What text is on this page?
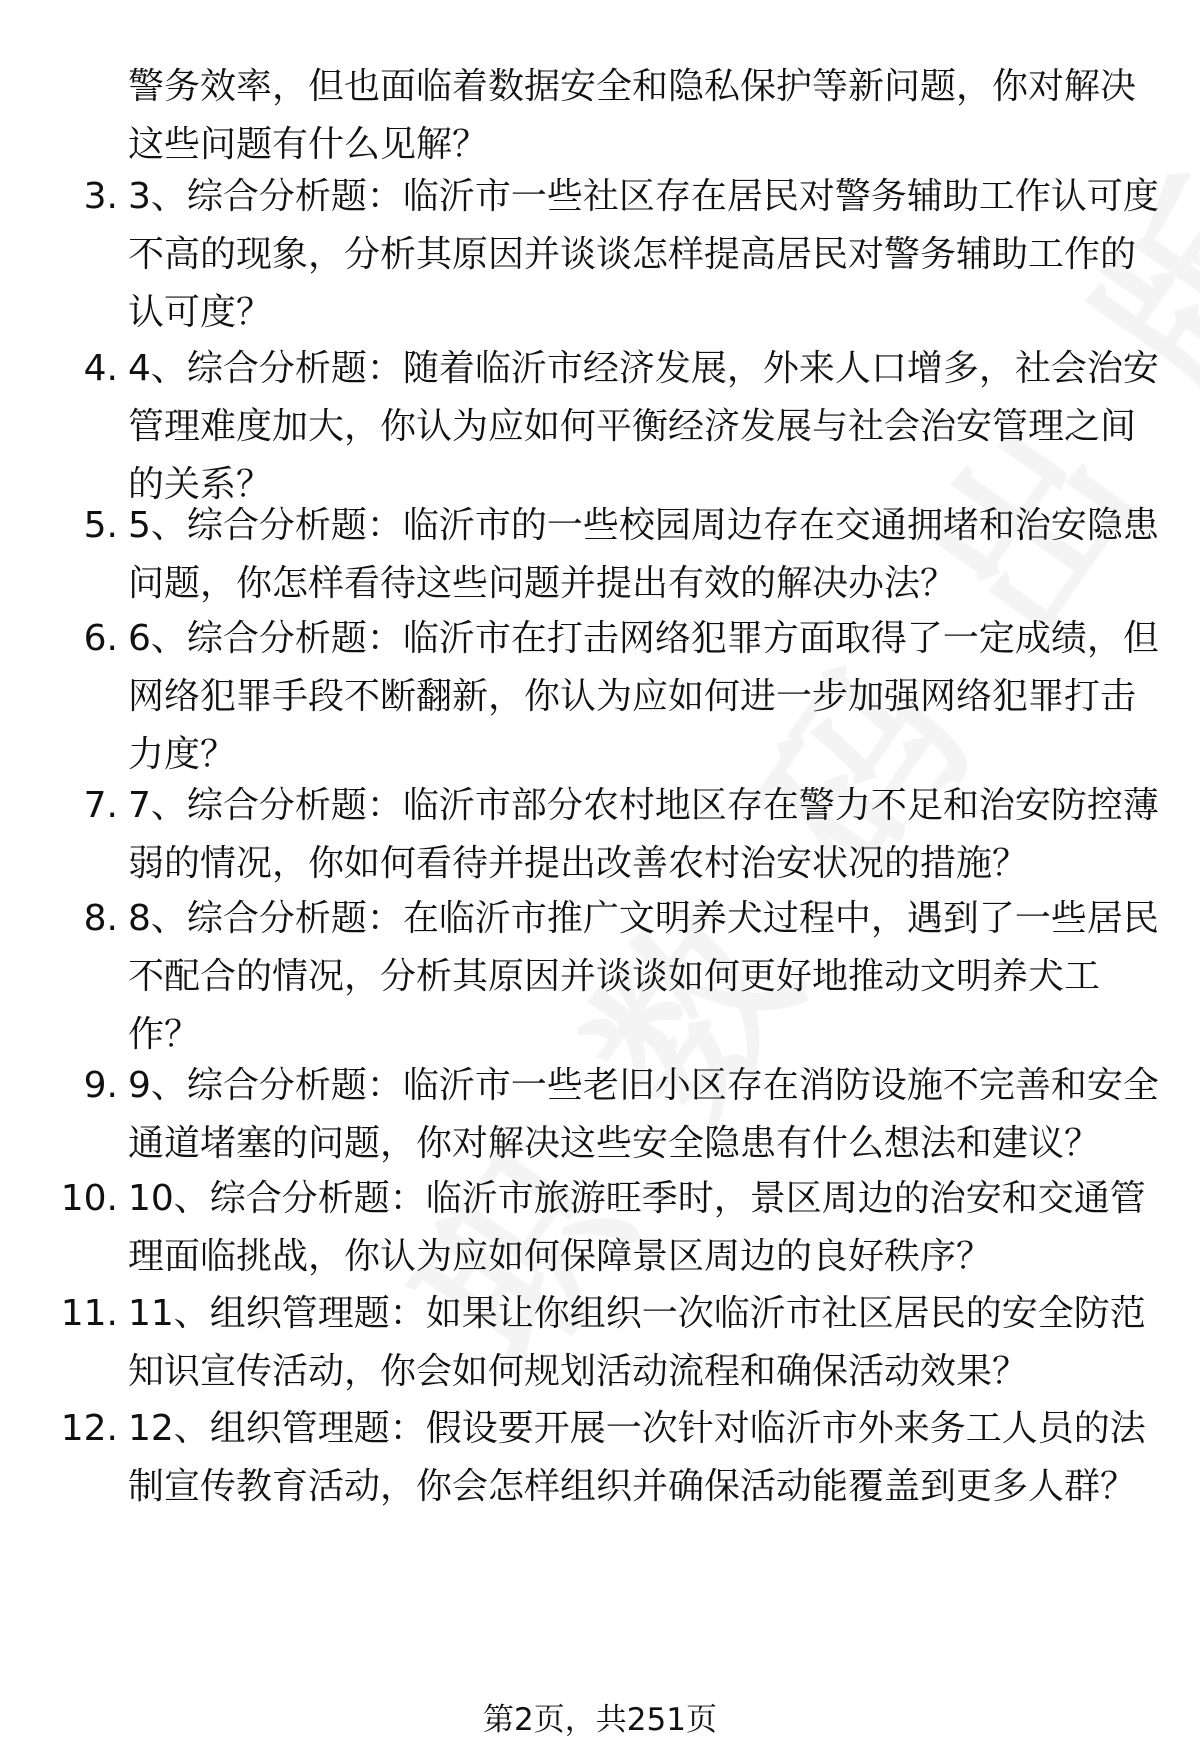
警务效率，但也面临着数据安全和隐私保护等新问题，你对解决这些问题有什么见解？
3. 3、综合分析题：临沂市一些社区存在居民对警务辅助工作认可度不高的现象，分析其原因并谈谈怎样提高居民对警务辅助工作的认可度？
4. 4、综合分析题：随着临沂市经济发展，外来人口增多，社会治安管理难度加大，你认为应如何平衡经济发展与社会治安管理之间的关系？
5. 5、综合分析题：临沂市的一些校园周边存在交通拥堵和治安隐患问题，你怎样看待这些问题并提出有效的解决办法？
6. 6、综合分析题：临沂市在打击网络犯罪方面取得了一定成绩，但网络犯罪手段不断翻新，你认为应如何进一步加强网络犯罪打击力度？
7. 7、综合分析题：临沂市部分农村地区存在警力不足和治安防控薄弱的情况，你如何看待并提出改善农村治安状况的措施？
8. 8、综合分析题：在临沂市推广文明养犬过程中，遇到了一些居民不配合的情况，分析其原因并谈谈如何更好地推动文明养犬工作？
9. 9、综合分析题：临沂市一些老旧小区存在消防设施不完善和安全通道堵塞的问题，你对解决这些安全隐患有什么想法和建议？
10. 10、综合分析题：临沂市旅游旺季时，景区周边的治安和交通管理面临挑战，你认为应如何保障景区周边的良好秩序？
11. 11、组织管理题：如果让你组织一次临沂市社区居民的安全防范知识宣传活动，你会如何规划活动流程和确保活动效果？
12. 12、组织管理题：假设要开展一次针对临沂市外来务工人员的法制宣传教育活动，你会怎样组织并确保活动能覆盖到更多人群？
第2页，共251页
